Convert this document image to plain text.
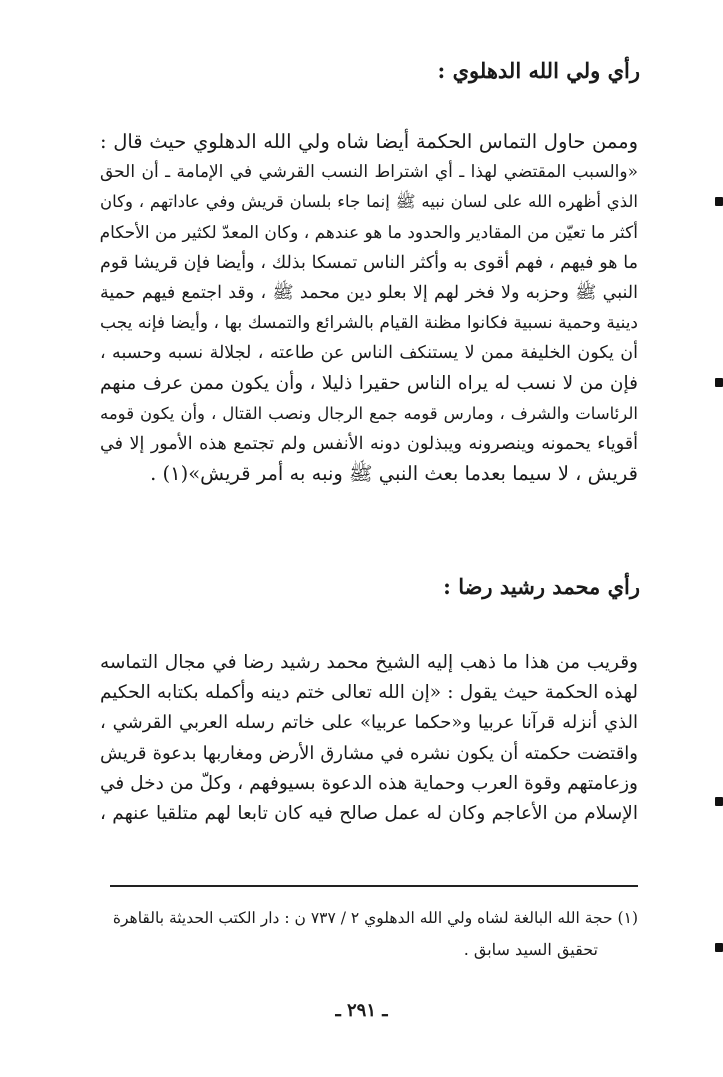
رأي ولي الله الدهلوي :
وممن حاول التماس الحكمة أيضا شاه ولي الله الدهلوي حيث قال :
«والسبب المقتضي لهذا ـ أي اشتراط النسب القرشي في الإمامة ـ أن الحق
الذي أظهره الله على لسان نبيه ﷺ إنما جاء بلسان قريش وفي عاداتهم ، وكان
أكثر ما تعيّن من المقادير والحدود ما هو عندهم ، وكان المعدّ لكثير من الأحكام
ما هو فيهم ، فهم أقوى به وأكثر الناس تمسكا بذلك ، وأيضا فإن قريشا قوم
النبي ﷺ وحزبه ولا فخر لهم إلا بعلو دين محمد ﷺ ، وقد اجتمع فيهم حمية
دينية وحمية نسبية فكانوا مظنة القيام بالشرائع والتمسك بها ، وأيضا فإنه يجب
أن يكون الخليفة ممن لا يستنكف الناس عن طاعته ، لجلالة نسبه وحسبه ،
فإن من لا نسب له يراه الناس حقيرا ذليلا ، وأن يكون ممن عرف منهم
الرئاسات والشرف ، ومارس قومه جمع الرجال ونصب القتال ، وأن يكون قومه
أقوياء يحمونه وينصرونه ويبذلون دونه الأنفس ولم تجتمع هذه الأمور إلا في
قريش ، لا سيما بعدما بعث النبي ﷺ ونبه به أمر قريش»(١) .
رأي محمد رشيد رضا :
وقريب من هذا ما ذهب إليه الشيخ محمد رشيد رضا في مجال التماسه
لهذه الحكمة حيث يقول : «إن الله تعالى ختم دينه وأكمله بكتابه الحكيم
الذي أنزله قرآنا عربيا و«حكما عربيا» على خاتم رسله العربي القرشي ،
واقتضت حكمته أن يكون نشره في مشارق الأرض ومغاربها بدعوة قريش
وزعامتهم وقوة العرب وحماية هذه الدعوة بسيوفهم ، وكلّ من دخل في
الإسلام من الأعاجم وكان له عمل صالح فيه كان تابعا لهم متلقيا عنهم ،
(١) حجة الله البالغة لشاه ولي الله الدهلوي ٢ / ٧٣٧ ن : دار الكتب الحديثة بالقاهرة
تحقيق السيد سابق .
ـ ٢٩١ ـ
